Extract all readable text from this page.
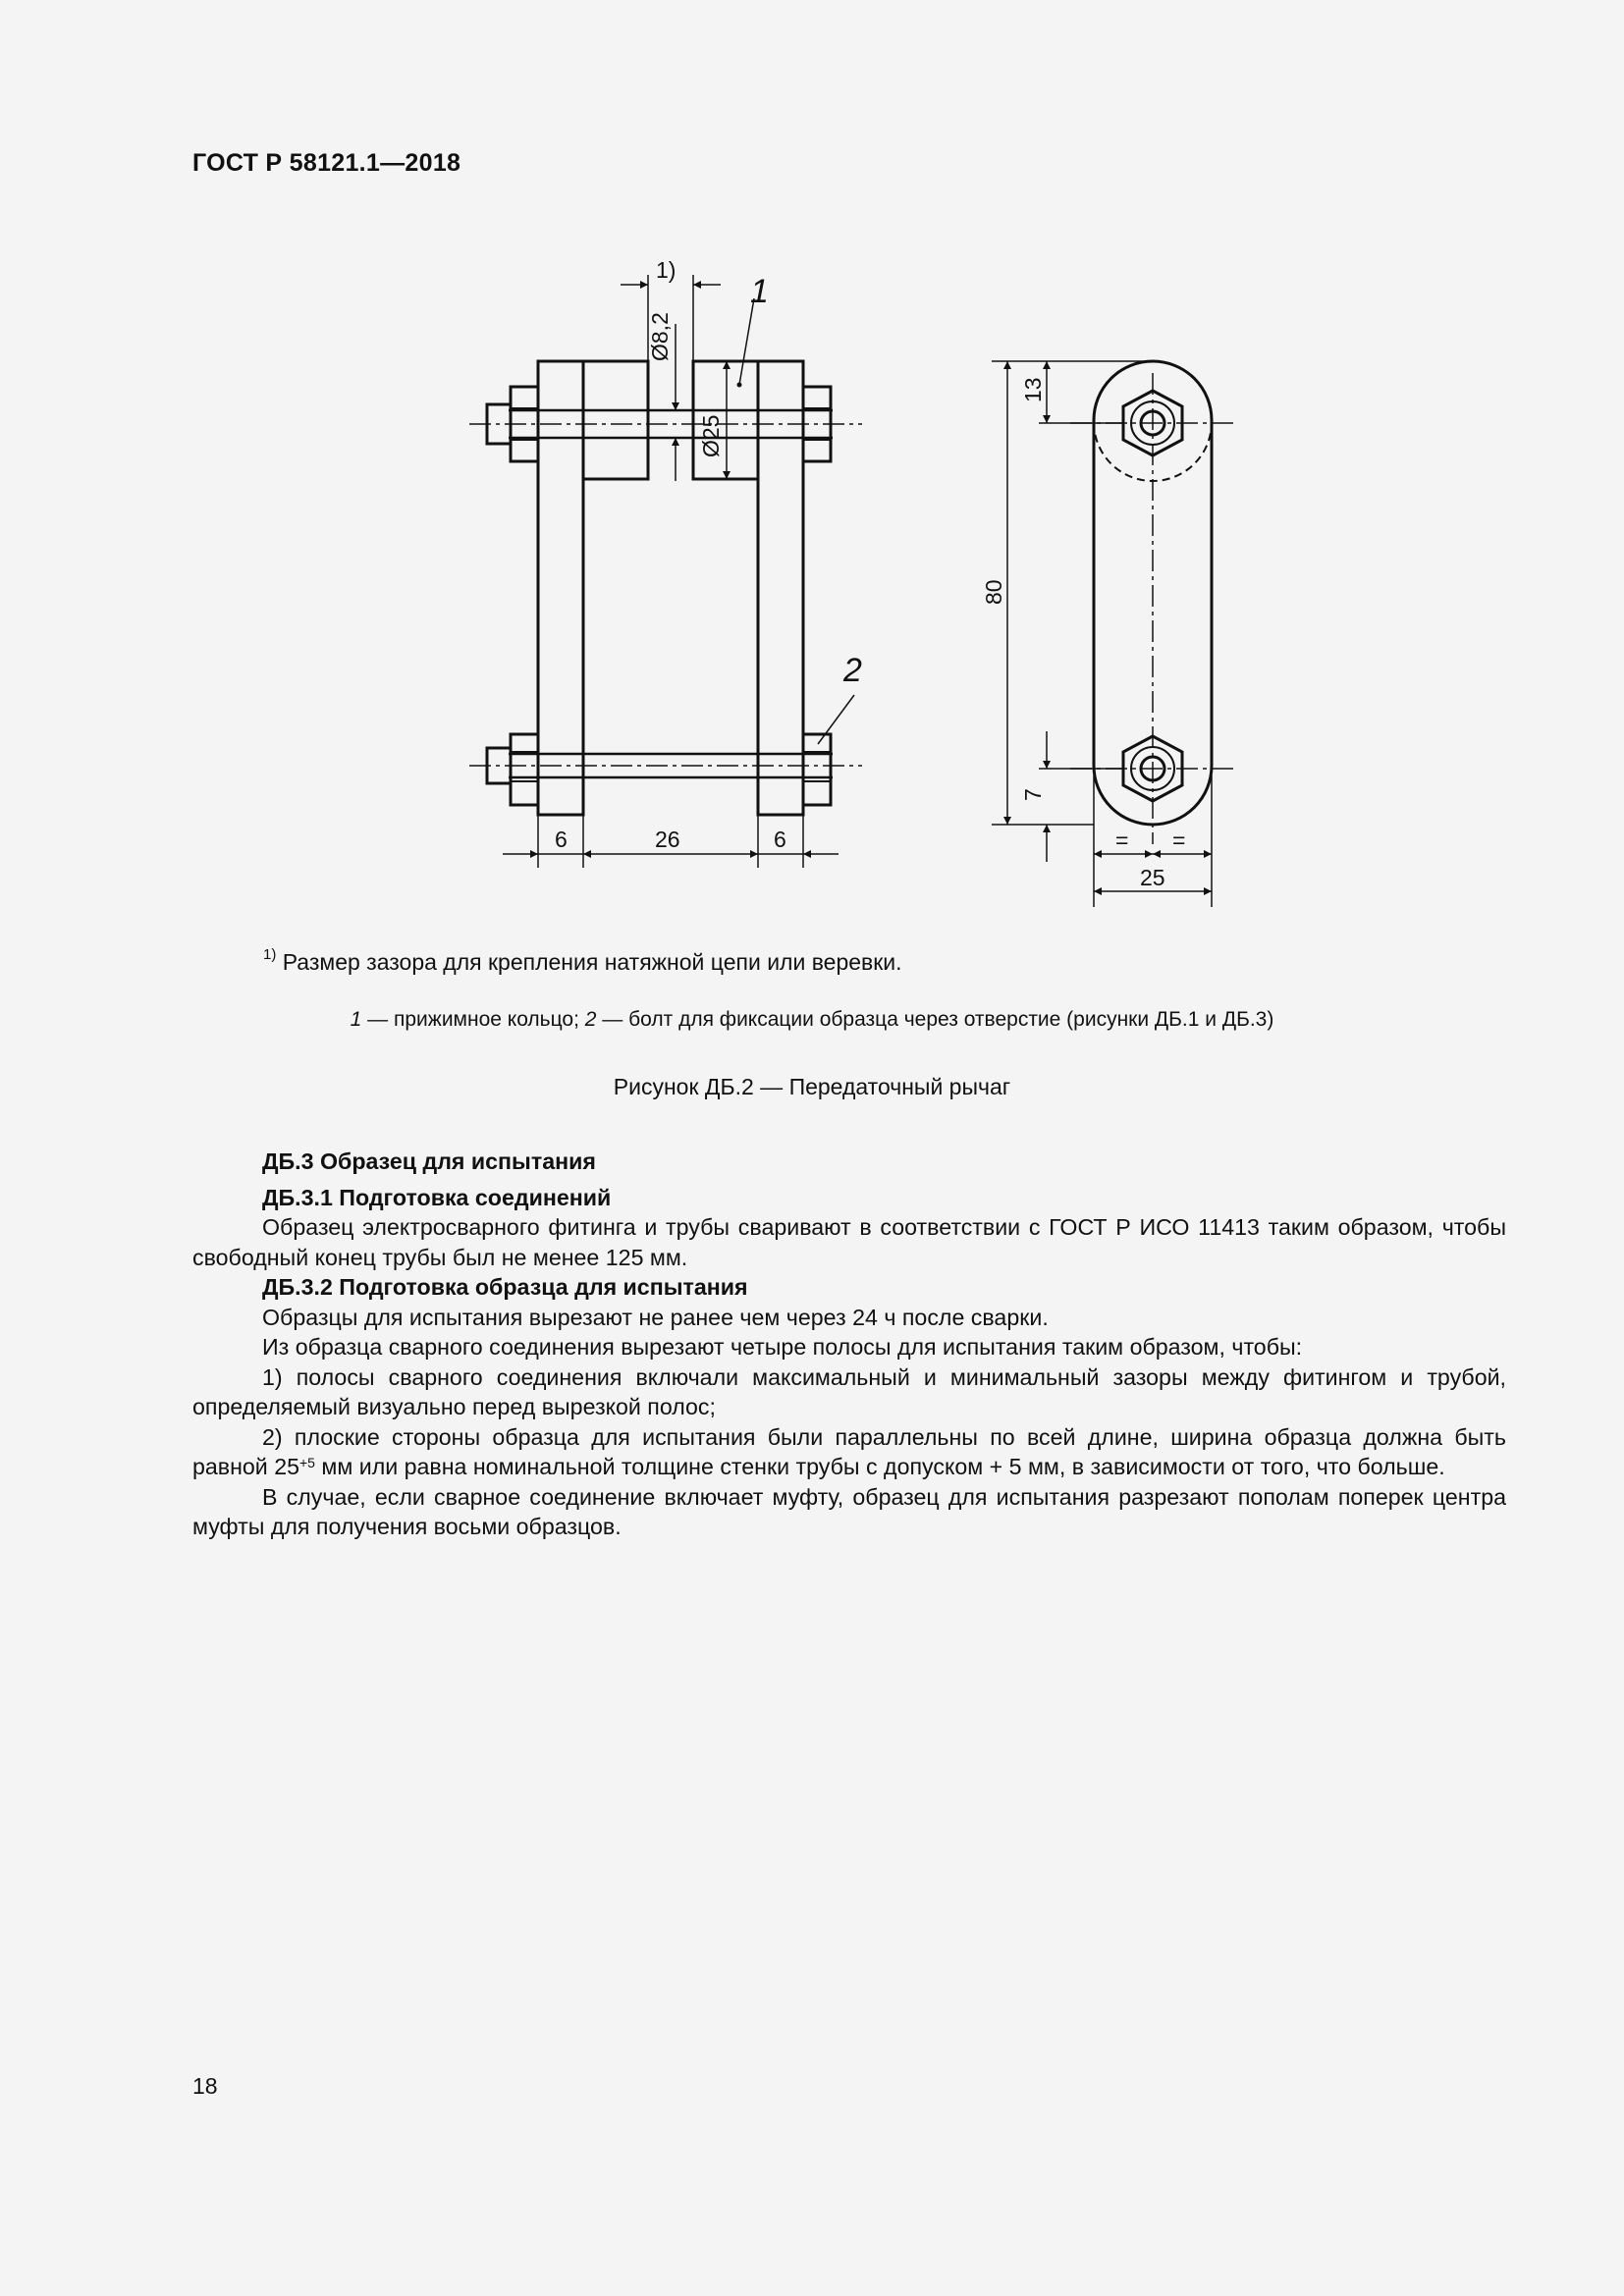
ГОСТ Р 58121.1—2018
1)
Ø8,2
Ø25
1
2
6	26	6
13
80
7
= =
25
$^{1)}$ Размер зазора для крепления натяжной цепи или веревки.
1 — прижимное кольцо; 2 — болт для фиксации образца через отверстие (рисунки ДБ.1 и ДБ.3)
Рисунок ДБ.2 — Передаточный рычаг

ДБ.3 Образец для испытания

ДБ.3.1 Подготовка соединений

Образец электросварного фитинга и трубы сваривают в соответствии с ГОСТ Р ИСО 11413 таким образом, чтобы свободный конец трубы был не менее 125 мм.

ДБ.3.2 Подготовка образца для испытания

Образцы для испытания вырезают не ранее чем через 24 ч после сварки.

Из образца сварного соединения вырезают четыре полосы для испытания таким образом, чтобы:

1) полосы сварного соединения включали максимальный и минимальный зазоры между фитингом и трубой, определяемый визуально перед вырезкой полос;

2) плоские стороны образца для испытания были параллельны по всей длине, ширина образца должна быть равной $25^{+5}$ мм или равна номинальной толщине стенки трубы с допуском + 5 мм, в зависимости от того, что больше.

В случае, если сварное соединение включает муфту, образец для испытания разрезают пополам поперек центра муфты для получения восьми образцов.

18
